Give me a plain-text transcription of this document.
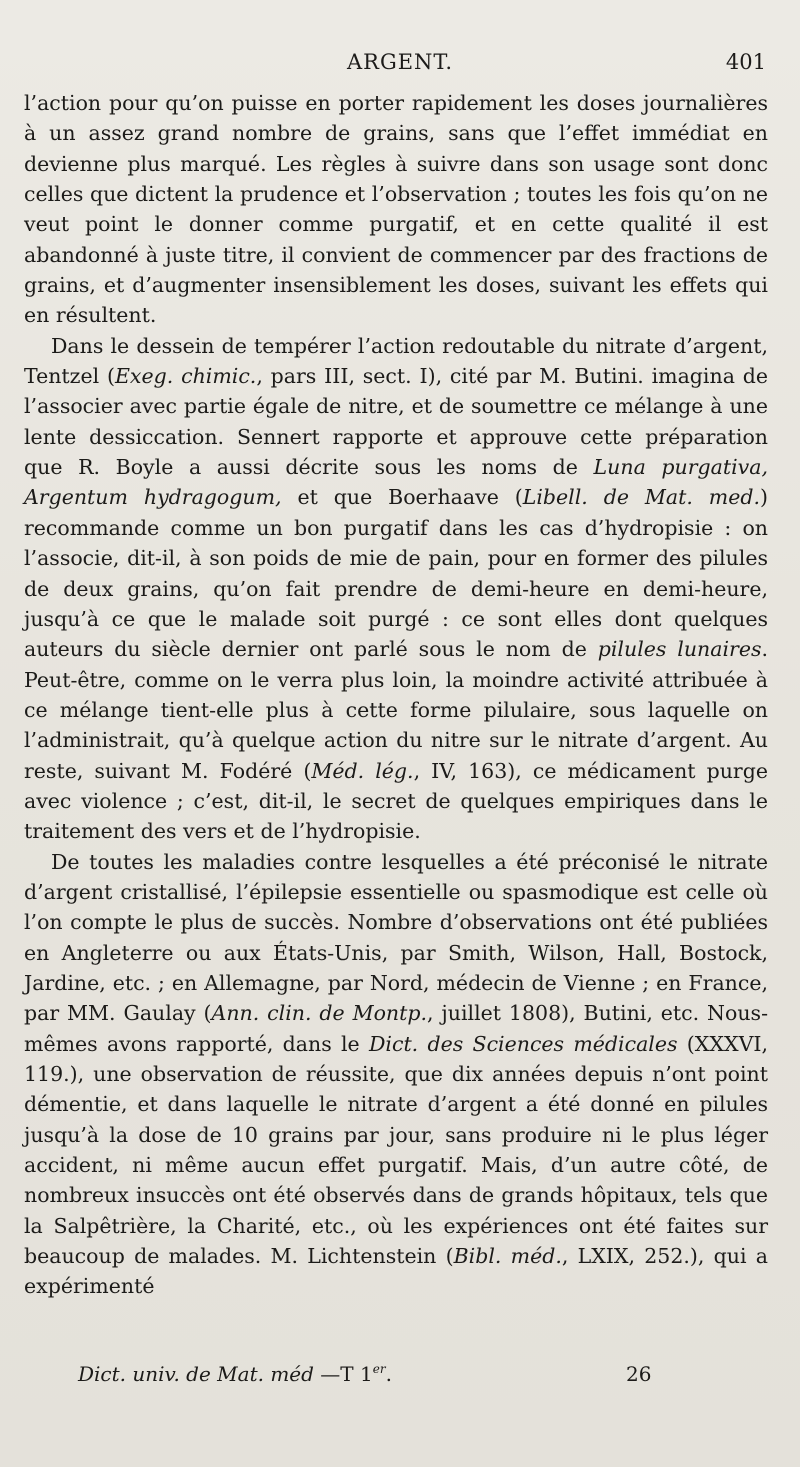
ARGENT.	401

l’action pour qu’on puisse en porter rapidement les doses journalières à un assez grand nombre de grains, sans que l’effet immédiat en devienne plus marqué. Les règles à suivre dans son usage sont donc celles que dictent la prudence et l’observation ; toutes les fois qu’on ne veut point le donner comme purgatif, et en cette qualité il est abandonné à juste titre, il convient de commencer par des fractions de grains, et d’augmenter insensiblement les doses, suivant les effets qui en résultent.

Dans le dessein de tempérer l’action redoutable du nitrate d’argent, Tentzel (Exeg. chimic., pars III, sect. I), cité par M. Butini. imagina de l’associer avec partie égale de nitre, et de soumettre ce mélange à une lente dessiccation. Sennert rapporte et approuve cette préparation que R. Boyle a aussi décrite sous les noms de Luna purgativa, Argentum hydragogum, et que Boerhaave (Libell. de Mat. med.) recommande comme un bon purgatif dans les cas d’hydropisie : on l’associe, dit-il, à son poids de mie de pain, pour en former des pilules de deux grains, qu’on fait prendre de demi-heure en demi-heure, jusqu’à ce que le malade soit purgé : ce sont elles dont quelques auteurs du siècle dernier ont parlé sous le nom de pilules lunaires. Peut-être, comme on le verra plus loin, la moindre activité attribuée à ce mélange tient-elle plus à cette forme pilulaire, sous laquelle on l’administrait, qu’à quelque action du nitre sur le nitrate d’argent. Au reste, suivant M. Fodéré (Méd. lég., IV, 163), ce médicament purge avec violence ; c’est, dit-il, le secret de quelques empiriques dans le traitement des vers et de l’hydropisie.

De toutes les maladies contre lesquelles a été préconisé le nitrate d’argent cristallisé, l’épilepsie essentielle ou spasmodique est celle où l’on compte le plus de succès. Nombre d’observations ont été publiées en Angleterre ou aux États-Unis, par Smith, Wilson, Hall, Bostock, Jardine, etc. ; en Allemagne, par Nord, médecin de Vienne ; en France, par MM. Gaulay (Ann. clin. de Montp., juillet 1808), Butini, etc. Nous-mêmes avons rapporté, dans le Dict. des Sciences médicales (XXXVI, 119.), une observation de réussite, que dix années depuis n’ont point démentie, et dans laquelle le nitrate d’argent a été donné en pilules jusqu’à la dose de 10 grains par jour, sans produire ni le plus léger accident, ni même aucun effet purgatif. Mais, d’un autre côté, de nombreux insuccès ont été observés dans de grands hôpitaux, tels que la Salpêtrière, la Charité, etc., où les expériences ont été faites sur beaucoup de malades. M. Lichtenstein (Bibl. méd., LXIX, 252.), qui a expérimenté

Dict. univ. de Mat. méd —T 1er.	26
